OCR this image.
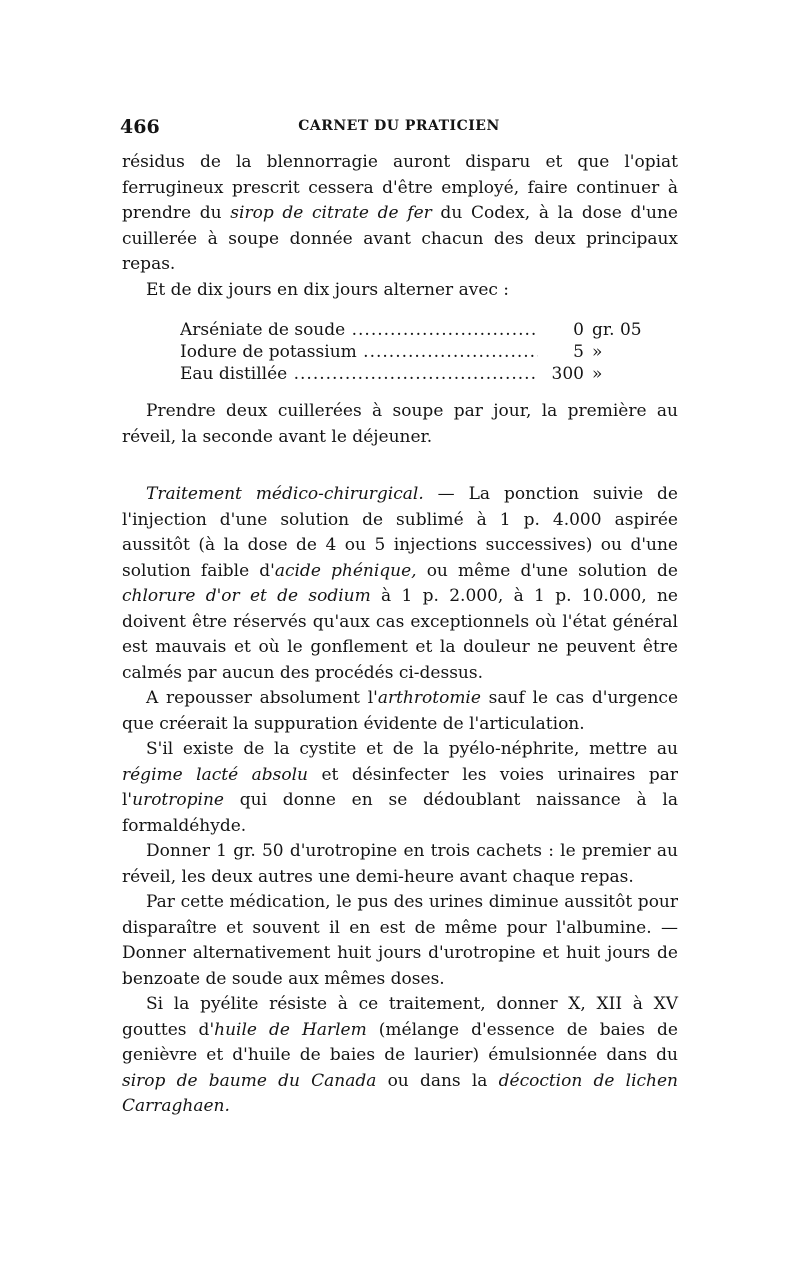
466	CARNET DU PRATICIEN

résidus de la blennorragie auront disparu et que l'opiat ferrugineux prescrit cessera d'être employé, faire continuer à prendre du sirop de citrate de fer du Codex, à la dose d'une cuillerée à soupe donnée avant chacun des deux principaux repas.

Et de dix jours en dix jours alterner avec :

Arséniate de soude .....	0 gr. 05
Iodure de potassium .....	5 »
Eau distillée .....	300 »

Prendre deux cuillerées à soupe par jour, la première au réveil, la seconde avant le déjeuner.

Traitement médico-chirurgical. — La ponction suivie de l'injection d'une solution de sublimé à 1 p. 4.000 aspirée aussitôt (à la dose de 4 ou 5 injections successives) ou d'une solution faible d'acide phénique, ou même d'une solution de chlorure d'or et de sodium à 1 p. 2.000, à 1 p. 10.000, ne doivent être réservés qu'aux cas exceptionnels où l'état général est mauvais et où le gonflement et la douleur ne peuvent être calmés par aucun des procédés ci-dessus.

A repousser absolument l'arthrotomie sauf le cas d'urgence que créerait la suppuration évidente de l'articulation.

S'il existe de la cystite et de la pyélo-néphrite, mettre au régime lacté absolu et désinfecter les voies urinaires par l'urotropine qui donne en se dédoublant naissance à la formaldéhyde.

Donner 1 gr. 50 d'urotropine en trois cachets : le premier au réveil, les deux autres une demi-heure avant chaque repas.

Par cette médication, le pus des urines diminue aussitôt pour disparaître et souvent il en est de même pour l'albumine. — Donner alternativement huit jours d'urotropine et huit jours de benzoate de soude aux mêmes doses.

Si la pyélite résiste à ce traitement, donner X, XII à XV gouttes d'huile de Harlem (mélange d'essence de baies de genièvre et d'huile de baies de laurier) émulsionnée dans du sirop de baume du Canada ou dans la décoction de lichen Carraghaen.
